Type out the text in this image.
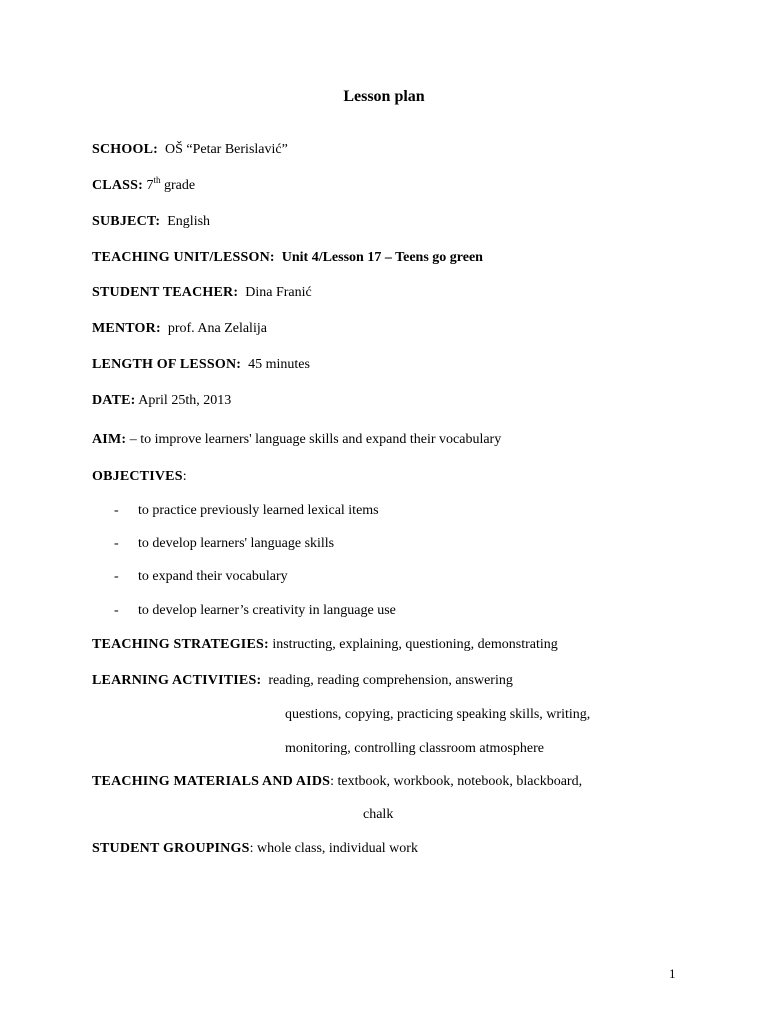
Lesson plan
SCHOOL: OŠ “Petar Berislavić”
CLASS: 7th grade
SUBJECT: English
TEACHING UNIT/LESSON: Unit 4/Lesson 17 – Teens go green
STUDENT TEACHER: Dina Franić
MENTOR: prof. Ana Zelalija
LENGTH OF LESSON: 45 minutes
DATE: April 25th, 2013
AIM: – to improve learners' language skills and expand their vocabulary
OBJECTIVES:
- to practice previously learned lexical items
- to develop learners' language skills
- to expand their vocabulary
- to develop learner’s creativity in language use
TEACHING STRATEGIES: instructing, explaining, questioning, demonstrating
LEARNING ACTIVITIES: reading, reading comprehension, answering
questions, copying, practicing speaking skills, writing,
monitoring, controlling classroom atmosphere
TEACHING MATERIALS AND AIDS: textbook, workbook, notebook, blackboard,
chalk
STUDENT GROUPINGS: whole class, individual work
1
